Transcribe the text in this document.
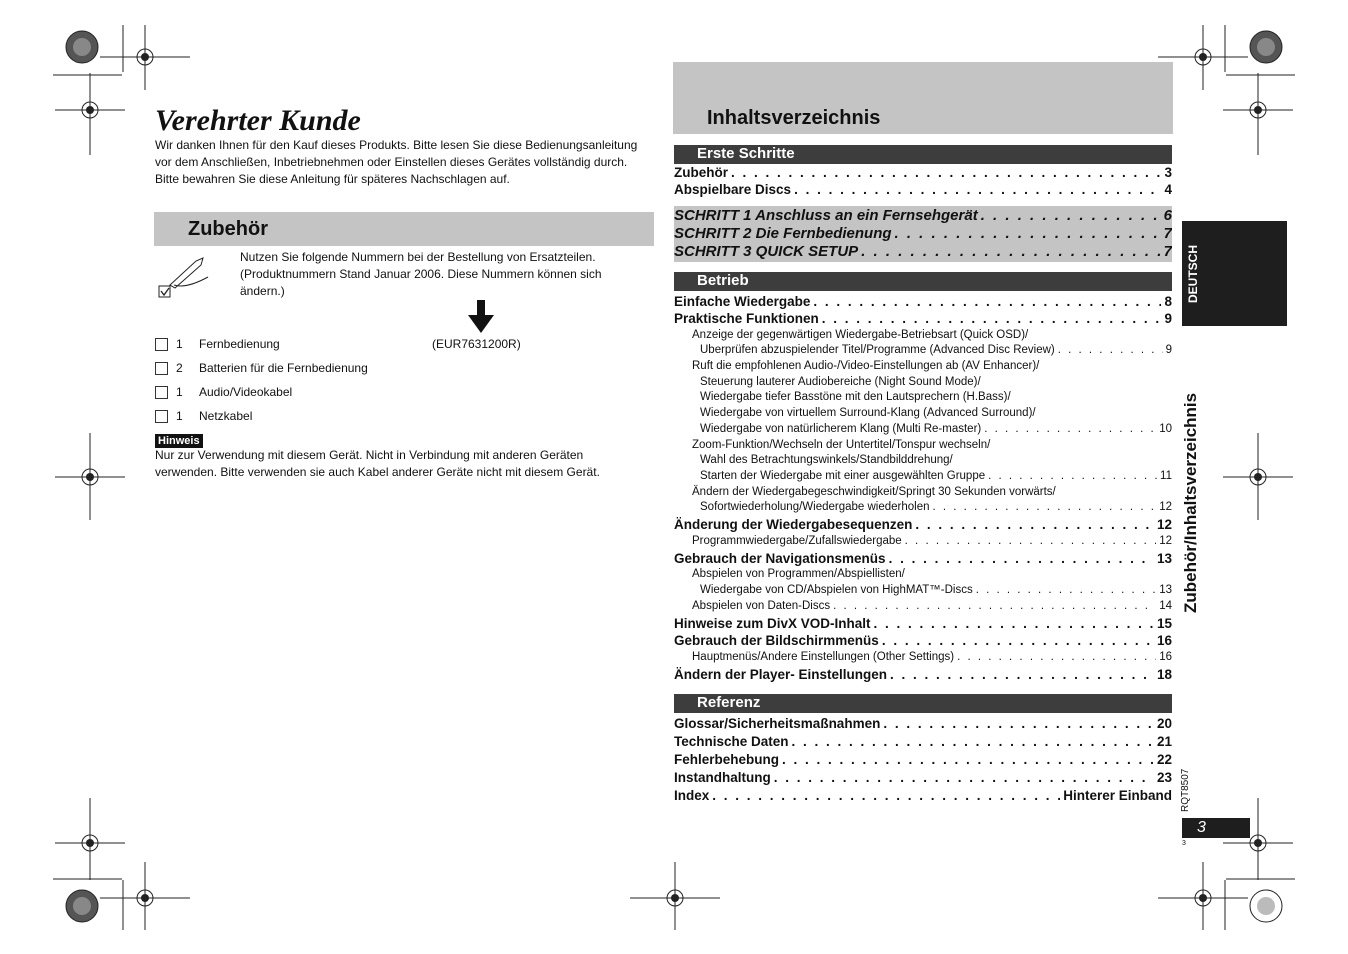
Verehrter Kunde
Wir danken Ihnen für den Kauf dieses Produkts. Bitte lesen Sie diese Bedienungsanleitung vor dem Anschließen, Inbetriebnehmen oder Einstellen dieses Gerätes vollständig durch. Bitte bewahren Sie diese Anleitung für späteres Nachschlagen auf.
Zubehör
Nutzen Sie folgende Nummern bei der Bestellung von Ersatzteilen. (Produktnummern Stand Januar 2006. Diese Nummern können sich ändern.)
1 Fernbedienung	(EUR7631200R)
2 Batterien für die Fernbedienung
1 Audio/Videokabel
1 Netzkabel
Hinweis
Nur zur Verwendung mit diesem Gerät. Nicht in Verbindung mit anderen Geräten verwenden. Bitte verwenden sie auch Kabel anderer Geräte nicht mit diesem Gerät.
Inhaltsverzeichnis
Erste Schritte
Zubehör . . .	3
Abspielbare Discs . . .	4
SCHRITT 1 Anschluss an ein Fernsehgerät . . .	6
SCHRITT 2 Die Fernbedienung . . .	7
SCHRITT 3 QUICK SETUP . . .	7
Betrieb
Einfache Wiedergabe . . .	8
Praktische Funktionen . . .	9
Anzeige der gegenwärtigen Wiedergabe-Betriebsart (Quick OSD)/
Überprüfen abzuspielender Titel/Programme (Advanced Disc Review) . . .	9
Ruft die empfohlenen Audio-/Video-Einstellungen ab (AV Enhancer)/
Steuerung lauterer Audiobereiche (Night Sound Mode)/
Wiedergabe tiefer Basstöne mit den Lautsprechern (H.Bass)/
Wiedergabe von virtuellem Surround-Klang (Advanced Surround)/
Wiedergabe von natürlicherem Klang (Multi Re-master) . . .	10
Zoom-Funktion/Wechseln der Untertitel/Tonspur wechseln/
Wahl des Betrachtungswinkels/Standbilddrehung/
Starten der Wiedergabe mit einer ausgewählten Gruppe . . .	11
Ändern der Wiedergabegeschwindigkeit/Springt 30 Sekunden vorwärts/
Sofortwiederholung/Wiedergabe wiederholen . . .	12
Änderung der Wiedergabesequenzen . . .	12
Programmwiedergabe/Zufallswiedergabe . . .	12
Gebrauch der Navigationsmenüs . . .	13
Abspielen von Programmen/Abspiellisten/
Wiedergabe von CD/Abspielen von HighMAT™-Discs . . .	13
Abspielen von Daten-Discs . . .	14
Hinweise zum DivX VOD-Inhalt . . .	15
Gebrauch der Bildschirmmenüs . . .	16
Hauptmenüs/Andere Einstellungen (Other Settings) . . .	16
Ändern der Player- Einstellungen . . .	18
Referenz
Glossar/Sicherheitsmaßnahmen . . .	20
Technische Daten . . .	21
Fehlerbehebung . . .	22
Instandhaltung . . .	23
Index . . .	Hinterer Einband
DEUTSCH
Zubehör/Inhaltsverzeichnis
RQT8507
3
3
